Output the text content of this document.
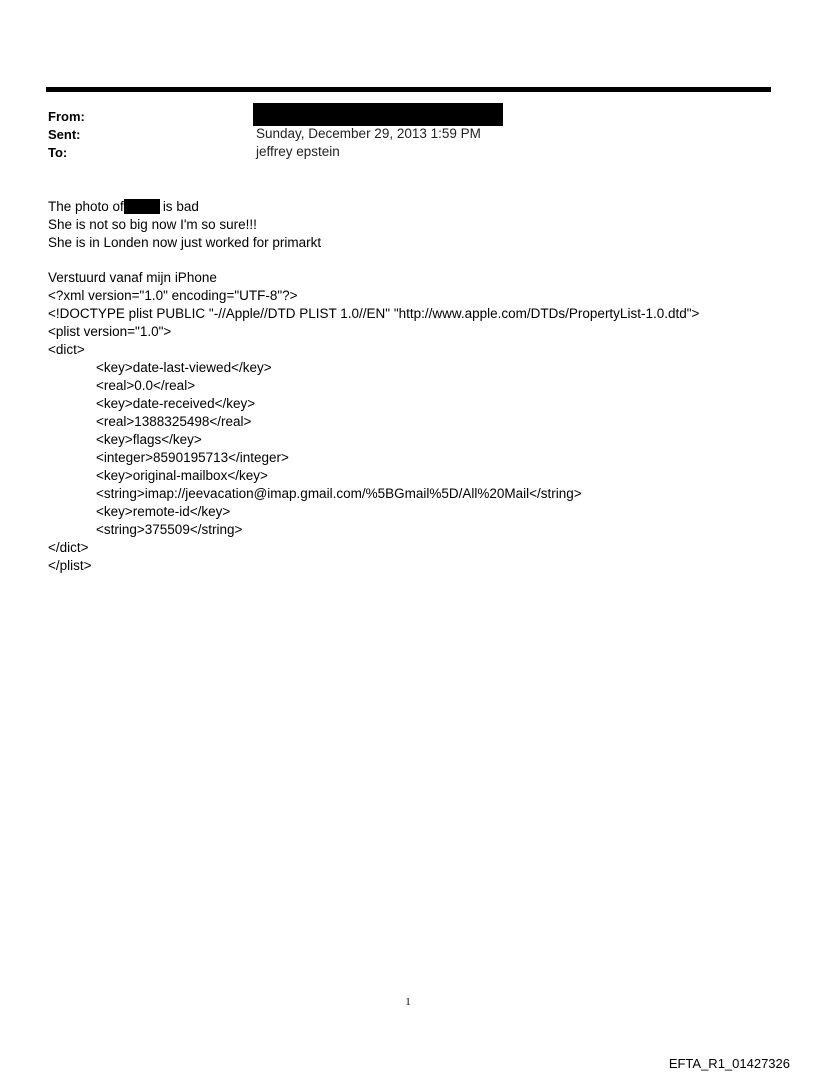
From:
Sent:	Sunday, December 29, 2013 1:59 PM
To:	jeffrey epstein
The photo of	is bad
She is not so big now I'm so sure!!!
She is in Londen now just worked for primarkt
Verstuurd vanaf mijn iPhone
<?xml version="1.0" encoding="UTF-8"?>
<!DOCTYPE plist PUBLIC "-//Apple//DTD PLIST 1.0//EN" "http://www.apple.com/DTDs/PropertyList-1.0.dtd">
<plist version="1.0">
<dict>
<key>date-last-viewed</key>
<real>0.0</real>
<key>date-received</key>
<real>1388325498</real>
<key>flags</key>
<integer>8590195713</integer>
<key>original-mailbox</key>
<string>imap://jeevacation@imap.gmail.com/%5BGmail%5D/All%20Mail</string>
<key>remote-id</key>
<string>375509</string>
</dict>
</plist>
1
EFTA_R1_01427326
